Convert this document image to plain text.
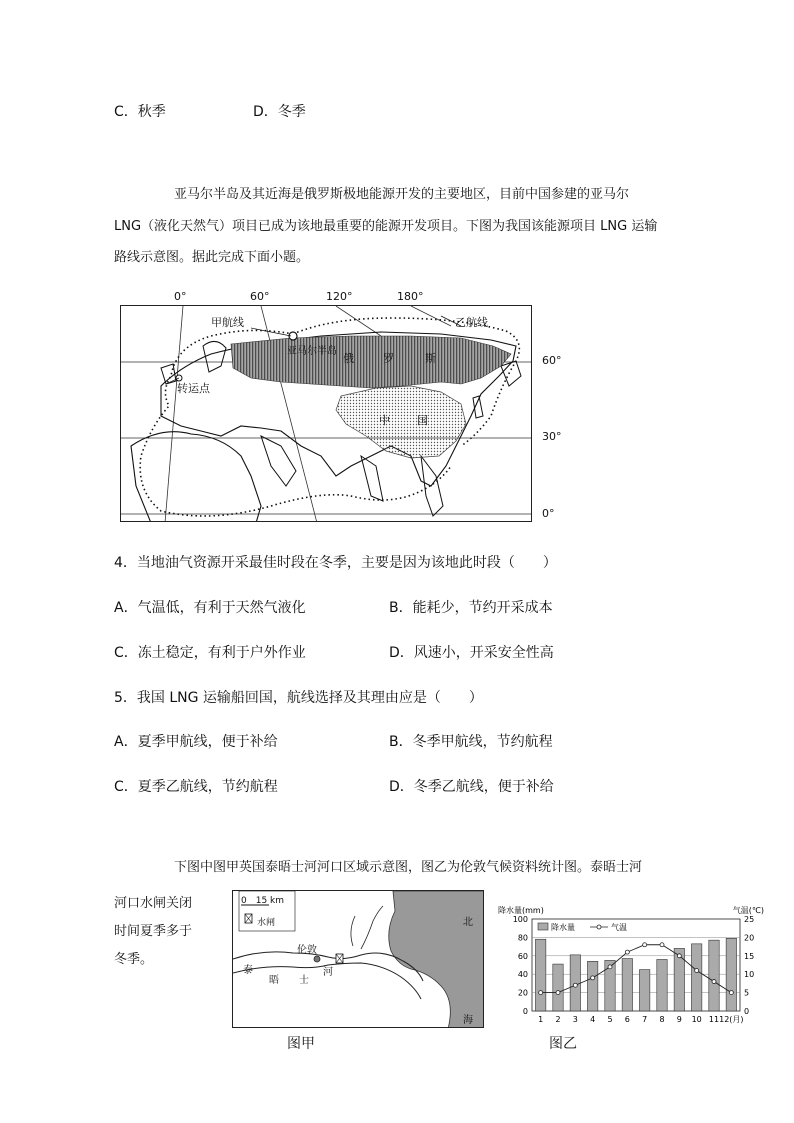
C．秋季	D．冬季
亚马尔半岛及其近海是俄罗斯极地能源开发的主要地区，目前中国参建的亚马尔
LNG（液化天然气）项目已成为该地最重要的能源开发项目。下图为我国该能源项目 LNG 运输
路线示意图。据此完成下面小题。
0°	60°	120°	180°
甲航线	乙航线
亚马尔半岛
转运点
俄	罗	斯
中 国
60°
30°
0°
4．当地油气资源开采最佳时段在冬季，主要是因为该地此时段（　　）
A．气温低，有利于天然气液化	B．能耗少，节约开采成本
C．冻土稳定，有利于户外作业	D．风速小，开采安全性高
5．我国 LNG 运输船回国，航线选择及其理由应是（　　）
A．夏季甲航线，便于补给	B．冬季甲航线，节约航程
C．夏季乙航线，节约航程	D．冬季乙航线，便于补给
下图中图甲英国泰晤士河河口区域示意图，图乙为伦敦气候资料统计图。泰晤士河
河口水闸关闭
时间夏季多于
冬季。
0　15 km
水闸
伦敦
泰
晤 士
河
北
海
图甲
0
20
40
60
80
100
0
5
10
15
20
25
降水量(mm)	气温(℃)
1 2 3 4 5 6 7 8 9 10 11 12(月)
降水量	气温
图乙
